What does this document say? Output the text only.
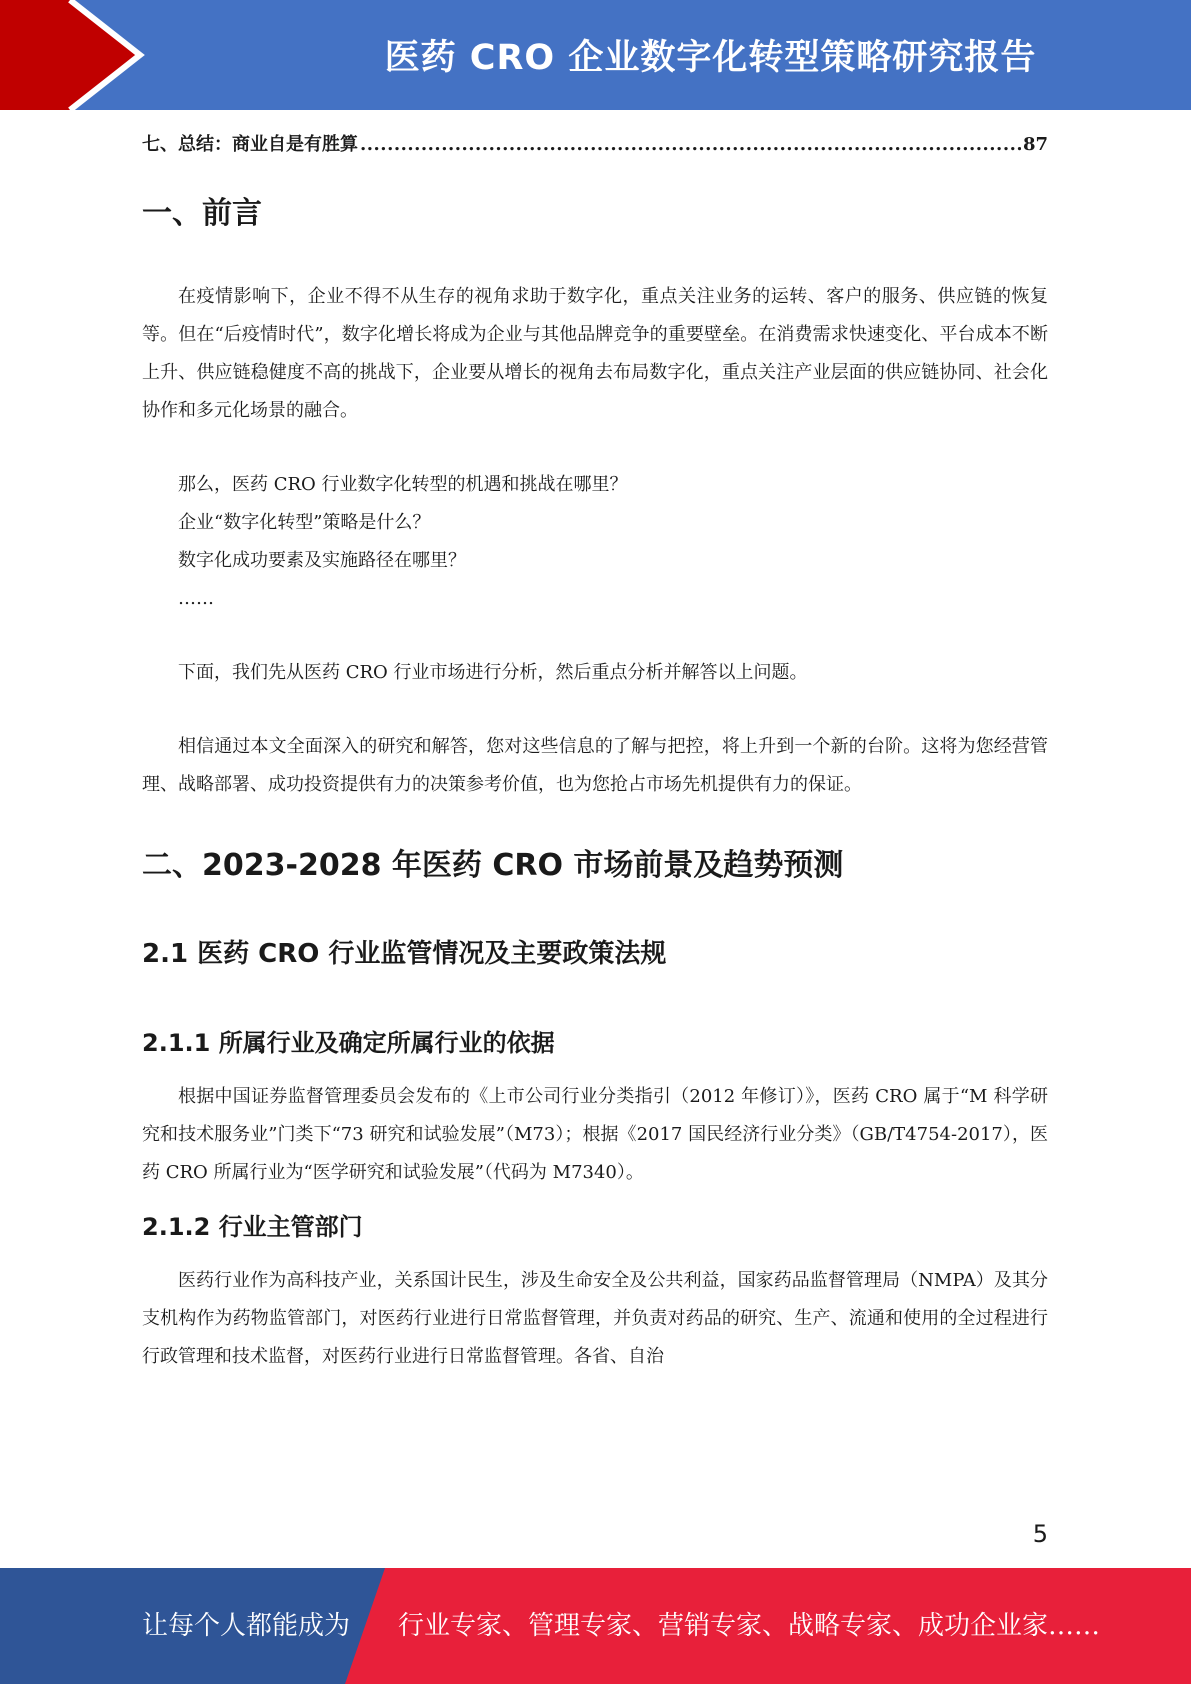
医药 CRO 企业数字化转型策略研究报告
七、总结：商业自是有胜算
.....	87
一、前言

在疫情影响下，企业不得不从生存的视角求助于数字化，重点关注业务的运转、客户的服务、供应链的恢复等。但在“后疫情时代”，数字化增长将成为企业与其他品牌竞争的重要壁垒。在消费需求快速变化、平台成本不断上升、供应链稳健度不高的挑战下，企业要从增长的视角去布局数字化，重点关注产业层面的供应链协同、社会化协作和多元化场景的融合。

那么，医药 CRO 行业数字化转型的机遇和挑战在哪里？

企业“数字化转型”策略是什么？

数字化成功要素及实施路径在哪里？

……

下面，我们先从医药 CRO 行业市场进行分析，然后重点分析并解答以上问题。

相信通过本文全面深入的研究和解答，您对这些信息的了解与把控，将上升到一个新的台阶。这将为您经营管理、战略部署、成功投资提供有力的决策参考价值，也为您抢占市场先机提供有力的保证。

二、2023-2028 年医药 CRO 市场前景及趋势预测
2.1 医药 CRO 行业监管情况及主要政策法规
2.1.1 所属行业及确定所属行业的依据

根据中国证券监督管理委员会发布的《上市公司行业分类指引（2012 年修订）》，医药 CRO 属于“M 科学研究和技术服务业”门类下“73 研究和试验发展”（M73）；根据《2017 国民经济行业分类》（GB/T4754-2017），医药 CRO 所属行业为“医学研究和试验发展”（代码为 M7340）。

2.1.2 行业主管部门

医药行业作为高科技产业，关系国计民生，涉及生命安全及公共利益，国家药品监督管理局（NMPA）及其分支机构作为药物监管部门，对医药行业进行日常监督管理，并负责对药品的研究、生产、流通和使用的全过程进行行政管理和技术监督，对医药行业进行日常监督管理。各省、自治

5
让每个人都能成为 行业专家、管理专家、营销专家、战略专家、成功企业家……
